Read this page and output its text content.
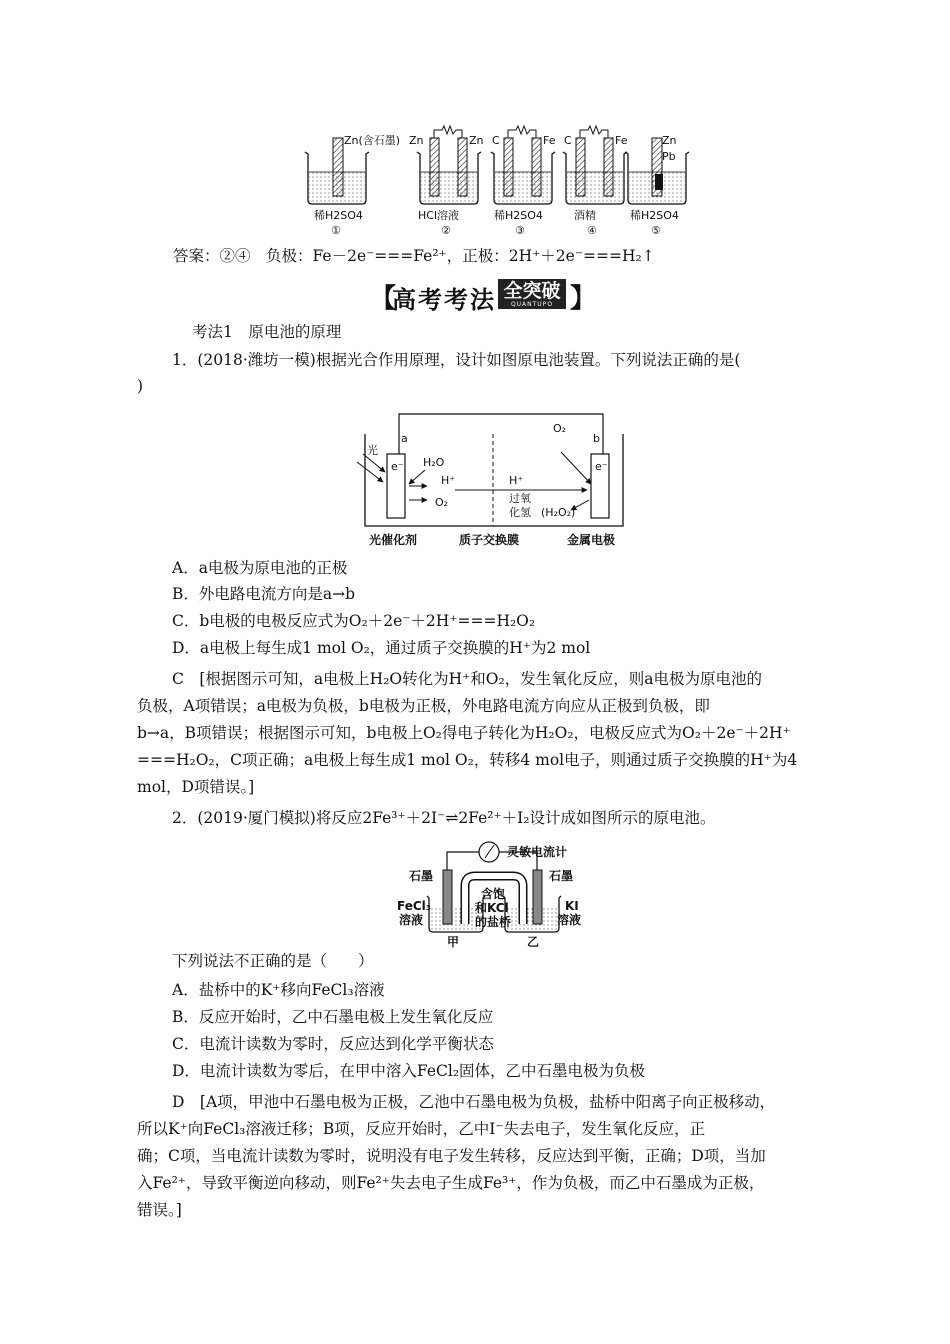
Zn(含石墨)
稀H2SO4
①
Zn	Zn
HCl溶液
②
C	Fe
稀H2SO4
③
C	Fe
酒精
④
Zn
Pb
稀H2SO4
⑤
答案：②④　负极：Fe－2e⁻===Fe²⁺，正极：2H⁺＋2e⁻===H₂↑
【
高考考法 全突破
QUANTUPO 】
考法1　原电池的原理
1．(2018·潍坊一模)根据光合作用原理，设计如图原电池装置。下列说法正确的是(
)
光
a	b
e⁻	e⁻
H₂O
H⁺
O₂
O₂
H⁺
过氧
化氢 (H₂O₂)
光催化剂	质子交换膜	金属电极
A．a电极为原电池的正极
B．外电路电流方向是a→b
C．b电极的电极反应式为O₂＋2e⁻＋2H⁺===H₂O₂
D．a电极上每生成1 mol O₂，通过质子交换膜的H⁺为2 mol
C　[根据图示可知，a电极上H₂O转化为H⁺和O₂，发生氧化反应，则a电极为原电池的
负极，A项错误；a电极为负极，b电极为正极，外电路电流方向应从正极到负极，即
b→a，B项错误；根据图示可知，b电极上O₂得电子转化为H₂O₂，电极反应式为O₂＋2e⁻＋2H⁺
===H₂O₂，C项正确；a电极上每生成1 mol O₂，转移4 mol电子，则通过质子交换膜的H⁺为4
mol，D项错误。]
2．(2019·厦门模拟)将反应2Fe³⁺＋2I⁻⇌2Fe²⁺＋I₂设计成如图所示的原电池。
灵敏电流计
石墨	石墨
FeCl₃
溶液
含饱
和KCl
的盐桥
KI
溶液
甲	乙
下列说法不正确的是（　　）
A．盐桥中的K⁺移向FeCl₃溶液
B．反应开始时，乙中石墨电极上发生氧化反应
C．电流计读数为零时，反应达到化学平衡状态
D．电流计读数为零后，在甲中溶入FeCl₂固体，乙中石墨电极为负极
D　[A项，甲池中石墨电极为正极，乙池中石墨电极为负极，盐桥中阳离子向正极移动，
所以K⁺向FeCl₃溶液迁移；B项，反应开始时，乙中I⁻失去电子，发生氧化反应，正
确；C项，当电流计读数为零时，说明没有电子发生转移，反应达到平衡，正确；D项，当加
入Fe²⁺，导致平衡逆向移动，则Fe²⁺失去电子生成Fe³⁺，作为负极，而乙中石墨成为正极，
错误。]
